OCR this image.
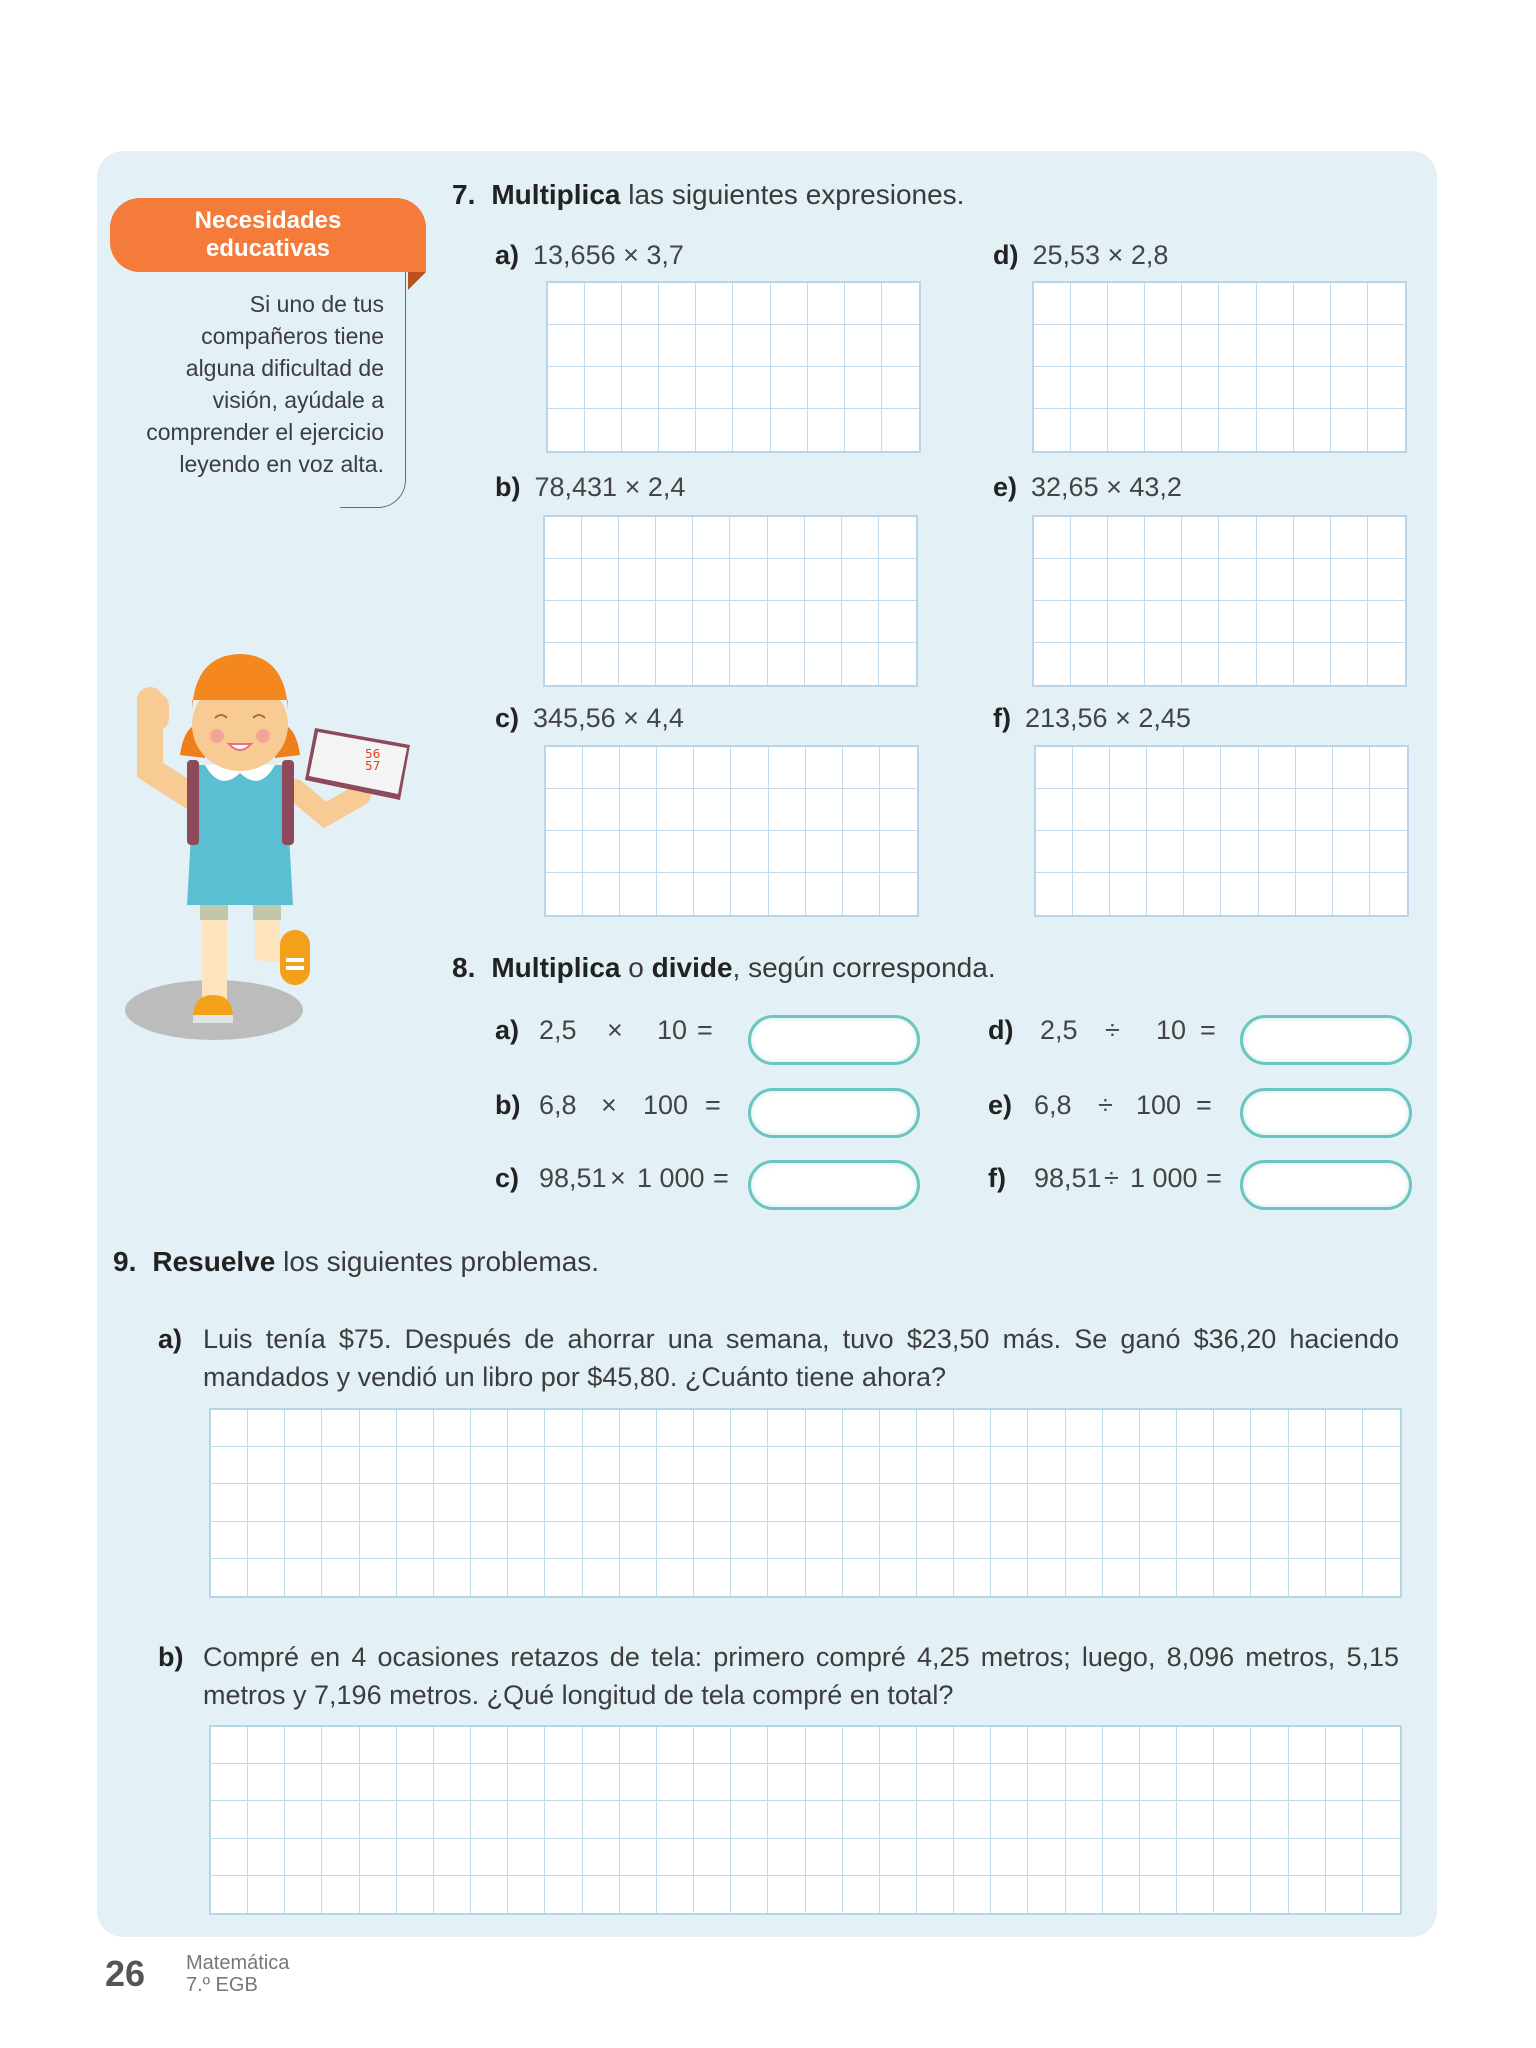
Necesidades
educativas
Si uno de tus
compañeros tiene
alguna dificultad de
visión, ayúdale a
comprender el ejercicio
leyendo en voz alta.
56
57
7. Multiplica las siguientes expresiones.
a) 13,656 × 3,7
b) 78,431 × 2,4
c) 345,56 × 4,4
d) 25,53 × 2,8
e) 32,65 × 43,2
f) 213,56 × 2,45
8. Multiplica o divide, según corresponda.
a) 2,5 × 10 =
b) 6,8 × 100 =
c) 98,51 × 1 000 =
d) 2,5 ÷ 10 =
e) 6,8 ÷ 100 =
f) 98,51 ÷ 1 000 =
9. Resuelve los siguientes problemas.
a) Luis tenía $75. Después de ahorrar una semana, tuvo $23,50 más. Se ganó $36,20 haciendo mandados y vendió un libro por $45,80. ¿Cuánto tiene ahora?
b) Compré en 4 ocasiones retazos de tela: primero compré 4,25 metros; luego, 8,096 metros, 5,15 metros y 7,196 metros. ¿Qué longitud de tela compré en total?
26 Matemática
7.º EGB
